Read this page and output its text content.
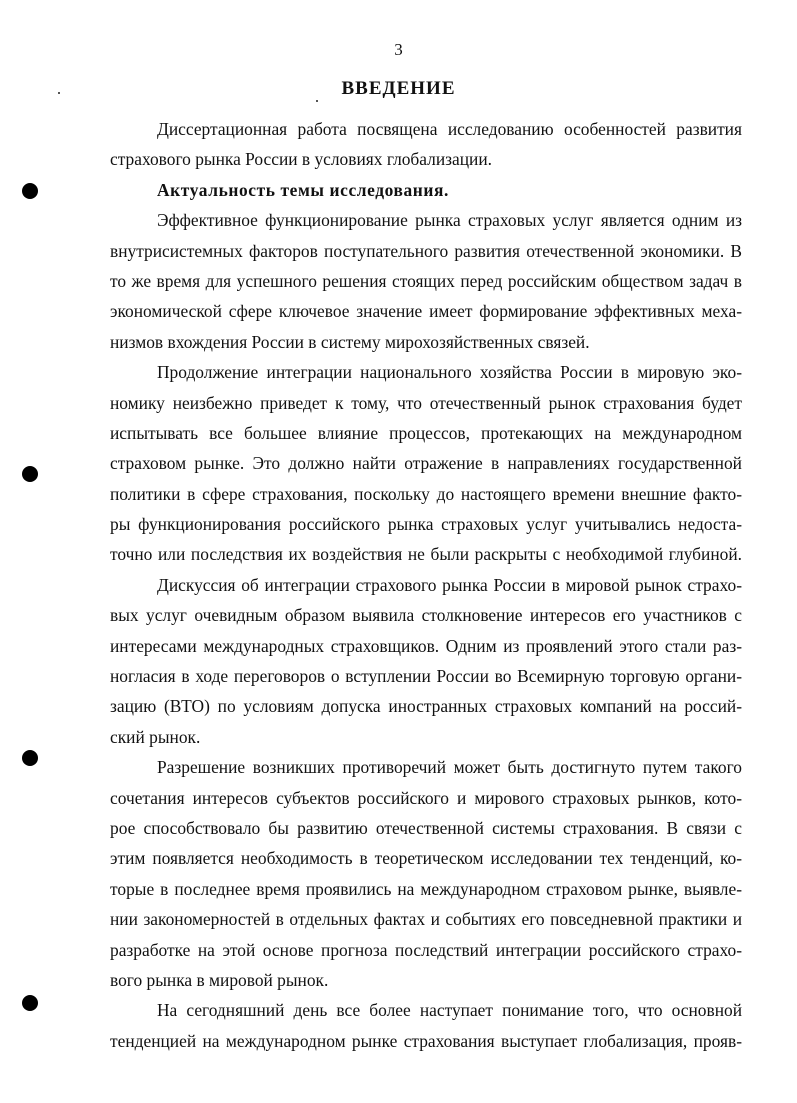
3
ВВЕДЕНИЕ
Диссертационная работа посвящена исследованию особенностей развития
страхового рынка России в условиях глобализации.
Актуальность темы исследования.
Эффективное функционирование рынка страховых услуг является одним из
внутрисистемных факторов поступательного развития отечественной экономики. В
то же время для успешного решения стоящих перед российским обществом задач в
экономической сфере ключевое значение имеет формирование эффективных меха-
низмов вхождения России в систему мирохозяйственных связей.
Продолжение интеграции национального хозяйства России в мировую эко-
номику неизбежно приведет к тому, что отечественный рынок страхования будет
испытывать все большее влияние процессов, протекающих на международном
страховом рынке. Это должно найти отражение в направлениях государственной
политики в сфере страхования, поскольку до настоящего времени внешние факто-
ры функционирования российского рынка страховых услуг учитывались недоста-
точно или последствия их воздействия не были раскрыты с необходимой глубиной.
Дискуссия об интеграции страхового рынка России в мировой рынок страхо-
вых услуг очевидным образом выявила столкновение интересов его участников с
интересами международных страховщиков. Одним из проявлений этого стали раз-
ногласия в ходе переговоров о вступлении России во Всемирную торговую органи-
зацию (ВТО) по условиям допуска иностранных страховых компаний на россий-
ский рынок.
Разрешение возникших противоречий может быть достигнуто путем такого
сочетания интересов субъектов российского и мирового страховых рынков, кото-
рое способствовало бы развитию отечественной системы страхования. В связи с
этим появляется необходимость в теоретическом исследовании тех тенденций, ко-
торые в последнее время проявились на международном страховом рынке, выявле-
нии закономерностей в отдельных фактах и событиях его повседневной практики и
разработке на этой основе прогноза последствий интеграции российского страхо-
вого рынка в мировой рынок.
На сегодняшний день все более наступает понимание того, что основной
тенденцией на международном рынке страхования выступает глобализация, прояв-
